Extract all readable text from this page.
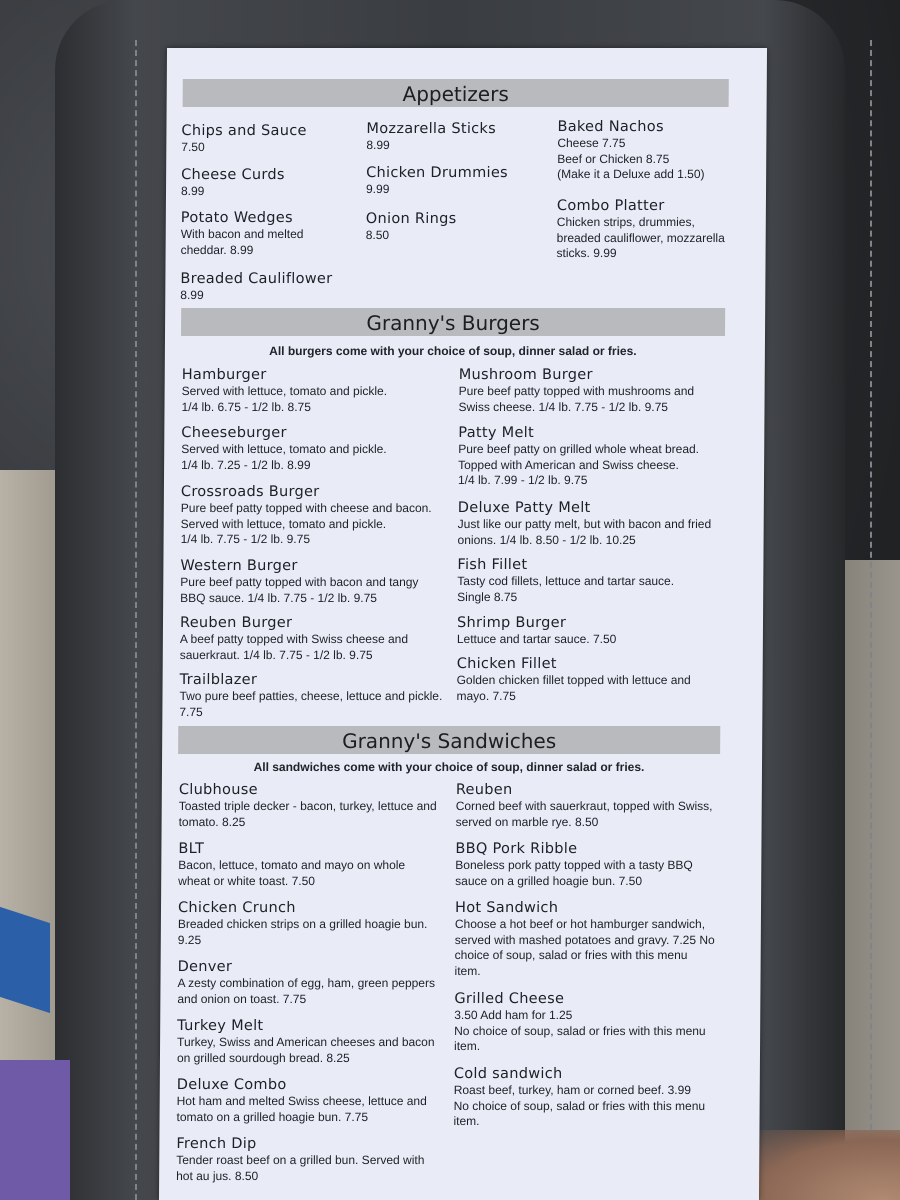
Appetizers
Chips and Sauce
7.50
Cheese Curds
8.99
Potato Wedges
With bacon and melted cheddar. 8.99
Breaded Cauliflower
8.99
Mozzarella Sticks
8.99
Chicken Drummies
9.99
Onion Rings
8.50
Baked Nachos
Cheese 7.75
Beef or Chicken 8.75
(Make it a Deluxe add 1.50)
Combo Platter
Chicken strips, drummies, breaded cauliflower, mozzarella sticks. 9.99
Granny's Burgers
All burgers come with your choice of soup, dinner salad or fries.
Hamburger
Served with lettuce, tomato and pickle.
1/4 lb. 6.75 - 1/2 lb. 8.75
Cheeseburger
Served with lettuce, tomato and pickle.
1/4 lb. 7.25 - 1/2 lb. 8.99
Crossroads Burger
Pure beef patty topped with cheese and bacon. Served with lettuce, tomato and pickle.
1/4 lb. 7.75 - 1/2 lb. 9.75
Western Burger
Pure beef patty topped with bacon and tangy BBQ sauce. 1/4 lb. 7.75 - 1/2 lb. 9.75
Reuben Burger
A beef patty topped with Swiss cheese and sauerkraut. 1/4 lb. 7.75 - 1/2 lb. 9.75
Trailblazer
Two pure beef patties, cheese, lettuce and pickle. 7.75
Mushroom Burger
Pure beef patty topped with mushrooms and Swiss cheese. 1/4 lb. 7.75 - 1/2 lb. 9.75
Patty Melt
Pure beef patty on grilled whole wheat bread. Topped with American and Swiss cheese.
1/4 lb. 7.99 - 1/2 lb. 9.75
Deluxe Patty Melt
Just like our patty melt, but with bacon and fried onions. 1/4 lb. 8.50 - 1/2 lb. 10.25
Fish Fillet
Tasty cod fillets, lettuce and tartar sauce.
Single 8.75
Shrimp Burger
Lettuce and tartar sauce. 7.50
Chicken Fillet
Golden chicken fillet topped with lettuce and mayo. 7.75
Granny's Sandwiches
All sandwiches come with your choice of soup, dinner salad or fries.
Clubhouse
Toasted triple decker - bacon, turkey, lettuce and tomato. 8.25
BLT
Bacon, lettuce, tomato and mayo on whole wheat or white toast. 7.50
Chicken Crunch
Breaded chicken strips on a grilled hoagie bun.
9.25
Denver
A zesty combination of egg, ham, green peppers and onion on toast. 7.75
Turkey Melt
Turkey, Swiss and American cheeses and bacon on grilled sourdough bread. 8.25
Deluxe Combo
Hot ham and melted Swiss cheese, lettuce and tomato on a grilled hoagie bun. 7.75
French Dip
Tender roast beef on a grilled bun. Served with hot au jus. 8.50
Reuben
Corned beef with sauerkraut, topped with Swiss, served on marble rye. 8.50
BBQ Pork Ribble
Boneless pork patty topped with a tasty BBQ sauce on a grilled hoagie bun. 7.50
Hot Sandwich
Choose a hot beef or hot hamburger sandwich, served with mashed potatoes and gravy. 7.25 No choice of soup, salad or fries with this menu item.
Grilled Cheese
3.50 Add ham for 1.25
No choice of soup, salad or fries with this menu item.
Cold sandwich
Roast beef, turkey, ham or corned beef. 3.99
No choice of soup, salad or fries with this menu item.
